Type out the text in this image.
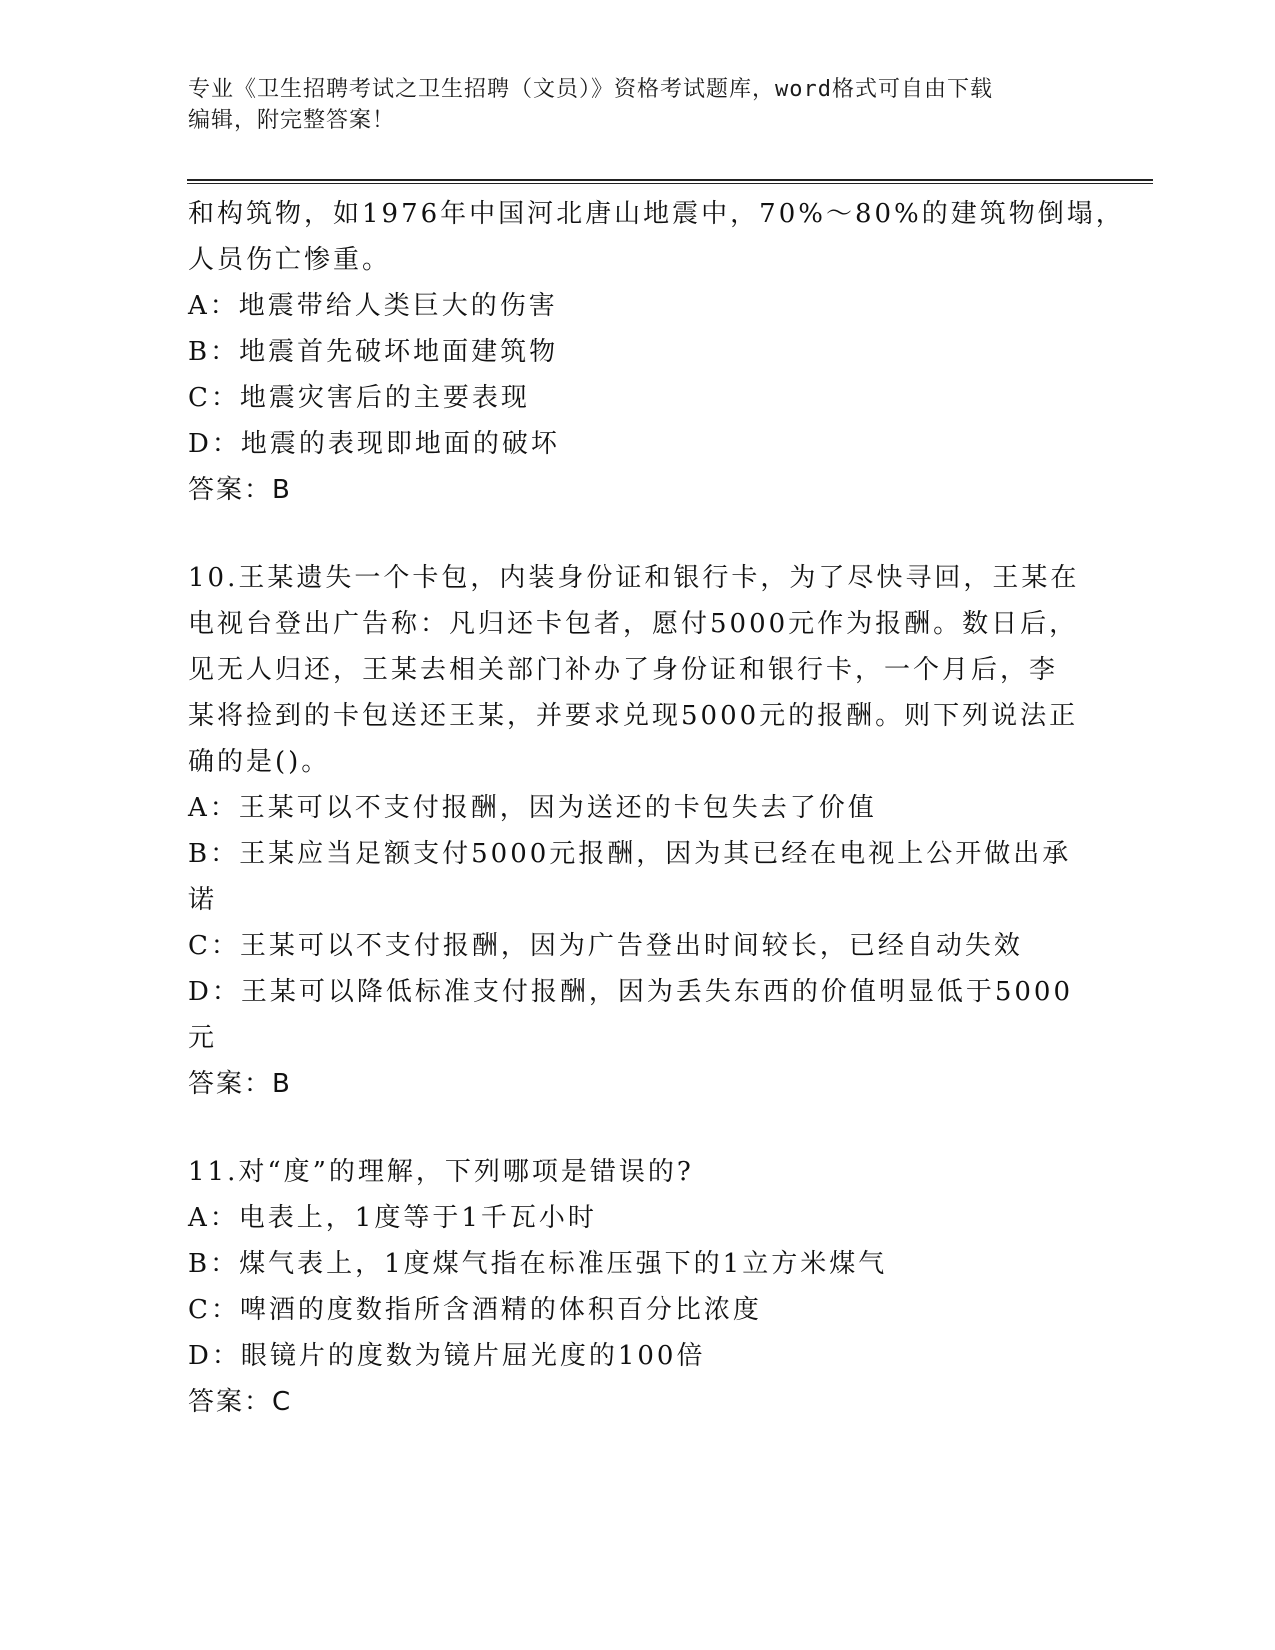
专业《卫生招聘考试之卫生招聘（文员）》资格考试题库，word格式可自由下载
编辑，附完整答案！
和构筑物，如1976年中国河北唐山地震中，70%～80%的建筑物倒塌，
人员伤亡惨重。
A：地震带给人类巨大的伤害
B：地震首先破坏地面建筑物
C：地震灾害后的主要表现
D：地震的表现即地面的破坏
答案：B
10.王某遗失一个卡包，内装身份证和银行卡，为了尽快寻回，王某在
电视台登出广告称：凡归还卡包者，愿付5000元作为报酬。数日后，
见无人归还，王某去相关部门补办了身份证和银行卡，一个月后，李
某将捡到的卡包送还王某，并要求兑现5000元的报酬。则下列说法正
确的是()。
A：王某可以不支付报酬，因为送还的卡包失去了价值
B：王某应当足额支付5000元报酬，因为其已经在电视上公开做出承
诺
C：王某可以不支付报酬，因为广告登出时间较长，已经自动失效
D：王某可以降低标准支付报酬，因为丢失东西的价值明显低于5000
元
答案：B
11.对“度”的理解，下列哪项是错误的?
A：电表上，1度等于1千瓦小时
B：煤气表上，1度煤气指在标准压强下的1立方米煤气
C：啤酒的度数指所含酒精的体积百分比浓度
D：眼镜片的度数为镜片屈光度的100倍
答案：C
